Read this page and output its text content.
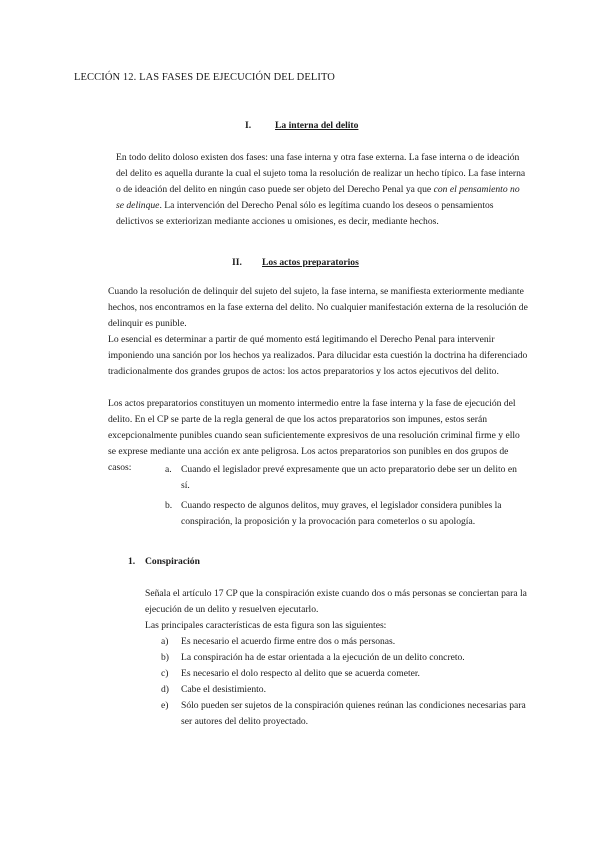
LECCIÓN 12. LAS FASES DE EJECUCIÓN DEL DELITO
I. La interna del delito

En todo delito doloso existen dos fases: una fase interna y otra fase externa. La fase interna o de ideación del delito es aquella durante la cual el sujeto toma la resolución de realizar un hecho típico. La fase interna o de ideación del delito en ningún caso puede ser objeto del Derecho Penal ya que con el pensamiento no se delinque. La intervención del Derecho Penal sólo es legítima cuando los deseos o pensamientos delictivos se exteriorizan mediante acciones u omisiones, es decir, mediante hechos.

II. Los actos preparatorios

Cuando la resolución de delinquir del sujeto del sujeto, la fase interna, se manifiesta exteriormente mediante hechos, nos encontramos en la fase externa del delito. No cualquier manifestación externa de la resolución de delinquir es punible.

Lo esencial es determinar a partir de qué momento está legitimando el Derecho Penal para intervenir imponiendo una sanción por los hechos ya realizados. Para dilucidar esta cuestión la doctrina ha diferenciado tradicionalmente dos grandes grupos de actos: los actos preparatorios y los actos ejecutivos del delito.

Los actos preparatorios constituyen un momento intermedio entre la fase interna y la fase de ejecución del delito. En el CP se parte de la regla general de que los actos preparatorios son impunes, estos serán excepcionalmente punibles cuando sean suficientemente expresivos de una resolución criminal firme y ello se exprese mediante una acción ex ante peligrosa. Los actos preparatorios son punibles en dos grupos de casos:	a. Cuando el legislador prevé expresamente que un acto preparatorio debe ser un delito en sí.
b. Cuando respecto de algunos delitos, muy graves, el legislador considera punibles la conspiración, la proposición y la provocación para cometerlos o su apología.
1. Conspiración

Señala el artículo 17 CP que la conspiración existe cuando dos o más personas se conciertan para la ejecución de un delito y resuelven ejecutarlo.

Las principales características de esta figura son las siguientes:

a) Es necesario el acuerdo firme entre dos o más personas.
b) La conspiración ha de estar orientada a la ejecución de un delito concreto.
c) Es necesario el dolo respecto al delito que se acuerda cometer.
d) Cabe el desistimiento.
e) Sólo pueden ser sujetos de la conspiración quienes reúnan las condiciones necesarias para ser autores del delito proyectado.
